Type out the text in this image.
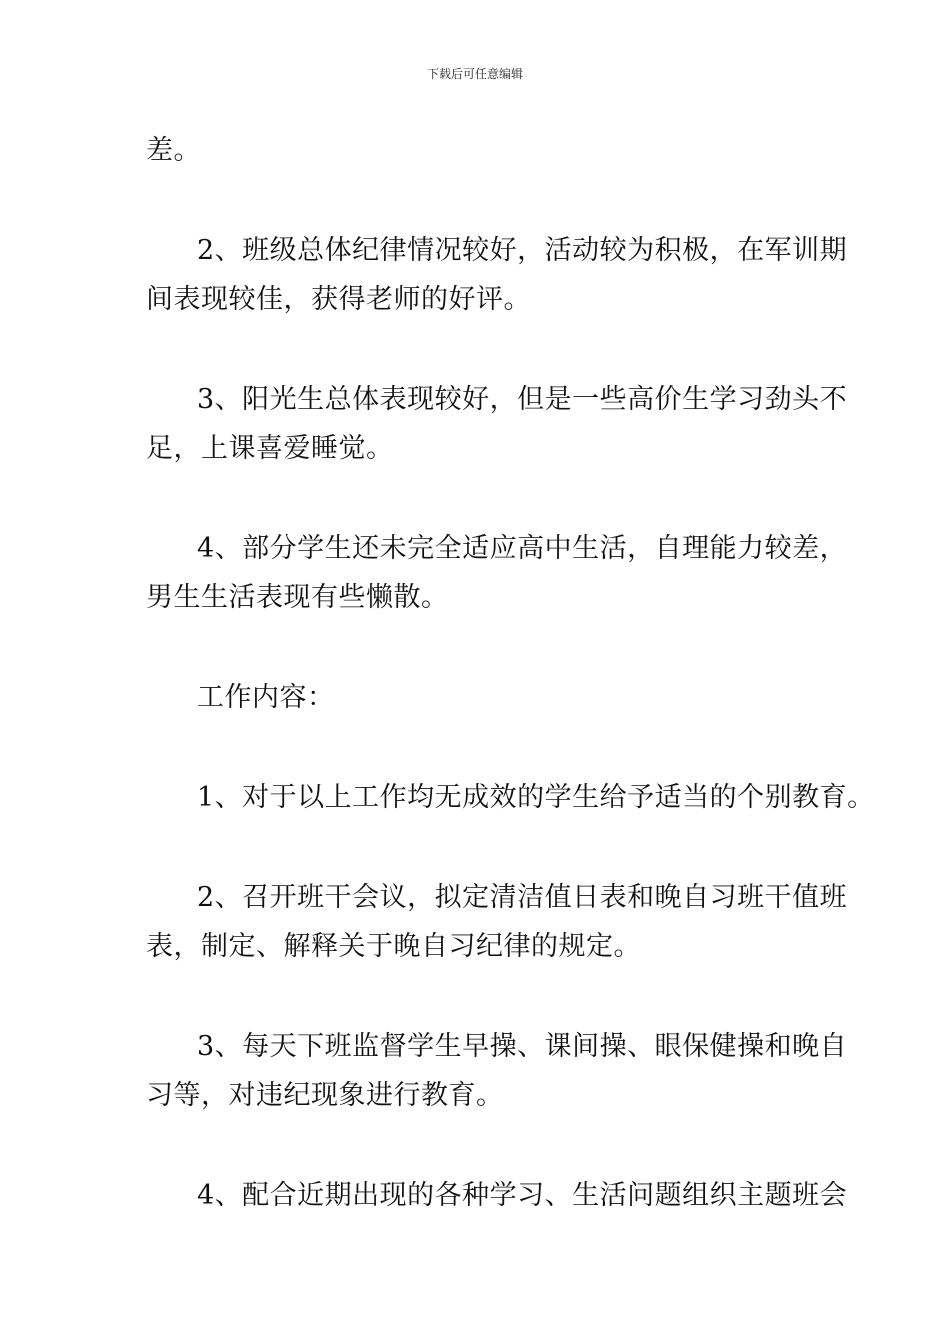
下载后可任意编辑
差。
2、班级总体纪律情况较好，活动较为积极，在军训期
间表现较佳，获得老师的好评。
3、阳光生总体表现较好，但是一些高价生学习劲头不
足，上课喜爱睡觉。
4、部分学生还未完全适应高中生活，自理能力较差，
男生生活表现有些懒散。
工作内容：
1、对于以上工作均无成效的学生给予适当的个别教育。
2、召开班干会议，拟定清洁值日表和晚自习班干值班
表，制定、解释关于晚自习纪律的规定。
3、每天下班监督学生早操、课间操、眼保健操和晚自
习等，对违纪现象进行教育。
4、配合近期出现的各种学习、生活问题组织主题班会
